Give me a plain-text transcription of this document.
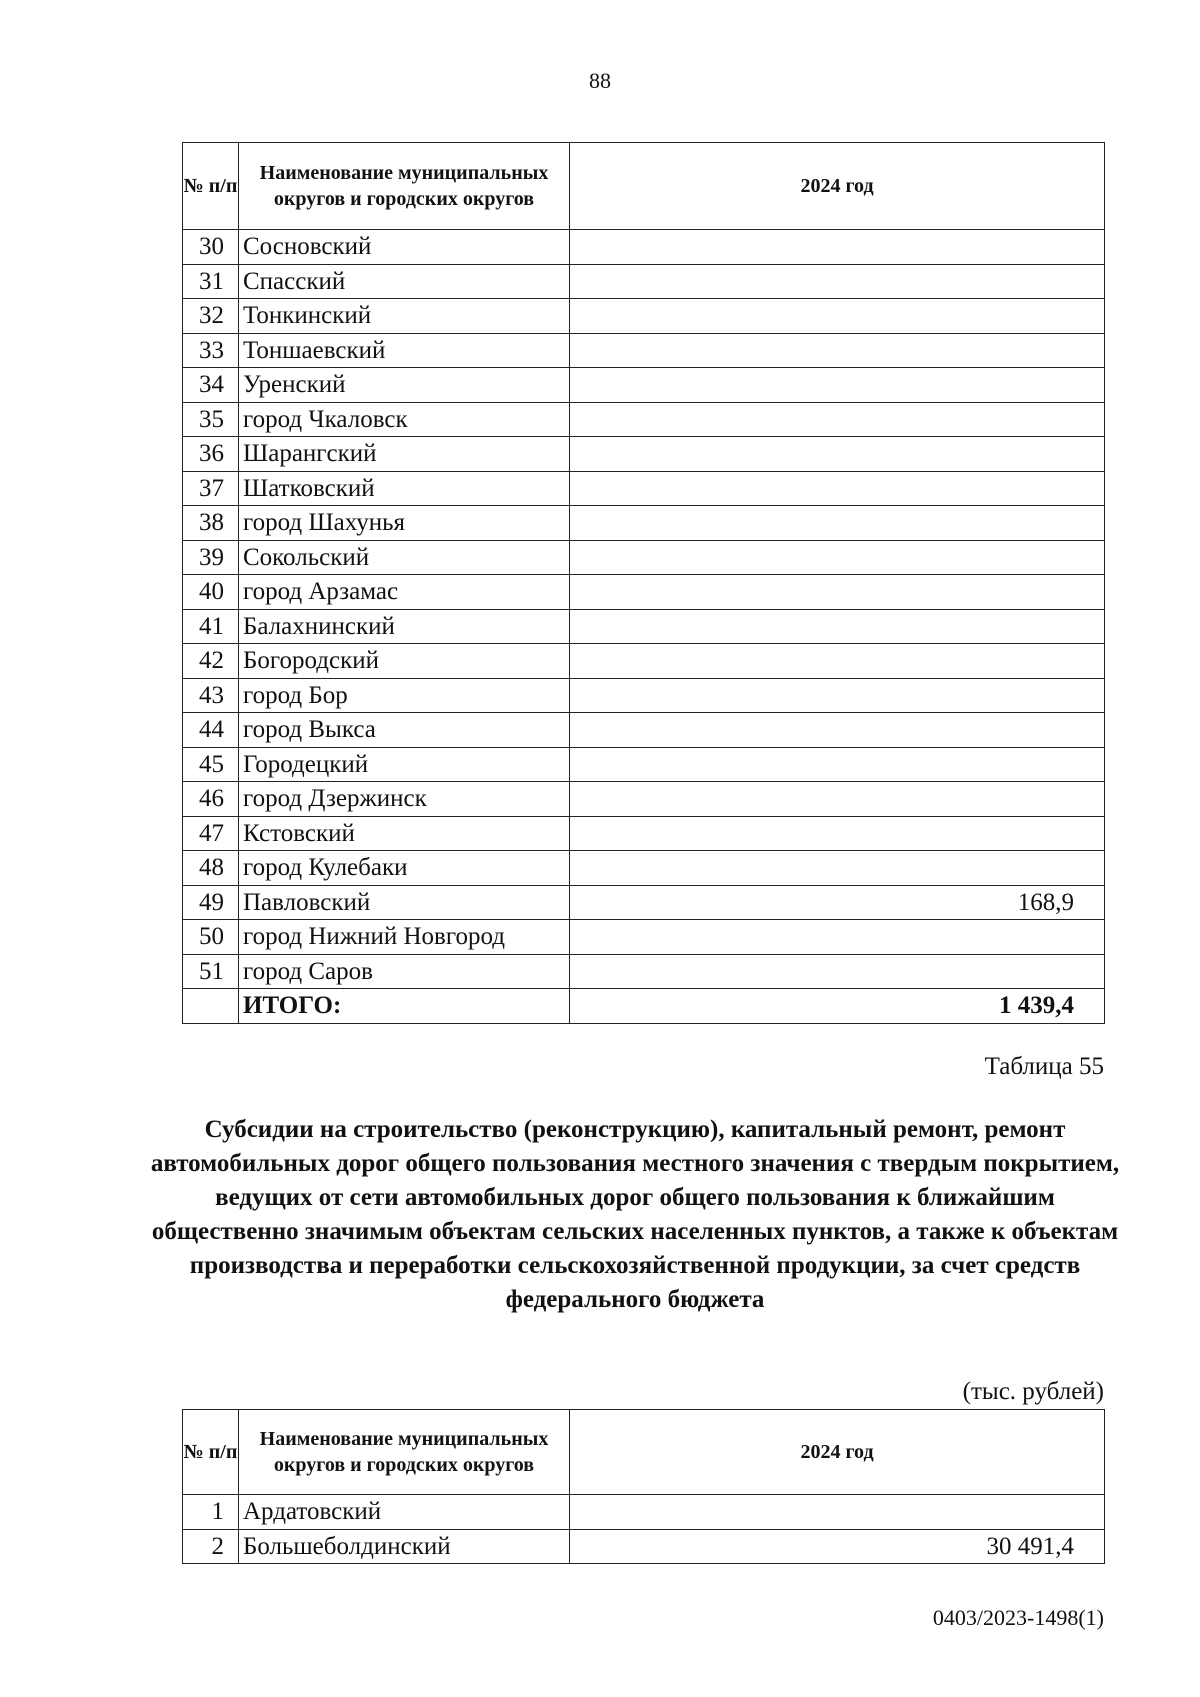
88
№ п/п	Наименование муниципальных округов и городских округов	2024 год
30	Сосновский	
31	Спасский	
32	Тонкинский	
33	Тоншаевский	
34	Уренский	
35	город Чкаловск	
36	Шарангский	
37	Шатковский	
38	город Шахунья	
39	Сокольский	
40	город Арзамас	
41	Балахнинский	
42	Богородский	
43	город Бор	
44	город Выкса	
45	Городецкий	
46	город Дзержинск	
47	Кстовский	
48	город Кулебаки	
49	Павловский	168,9
50	город Нижний Новгород	
51	город Саров	
	ИТОГО:	1 439,4
Таблица 55
Субсидии на строительство (реконструкцию), капитальный ремонт, ремонт автомобильных дорог общего пользования местного значения с твердым покрытием, ведущих от сети автомобильных дорог общего пользования к ближайшим общественно значимым объектам сельских населенных пунктов, а также к объектам производства и переработки сельскохозяйственной продукции, за счет средств федерального бюджета
(тыс. рублей)
№ п/п	Наименование муниципальных округов и городских округов	2024 год
1	Ардатовский	
2	Большеболдинский	30 491,4
0403/2023-1498(1)
